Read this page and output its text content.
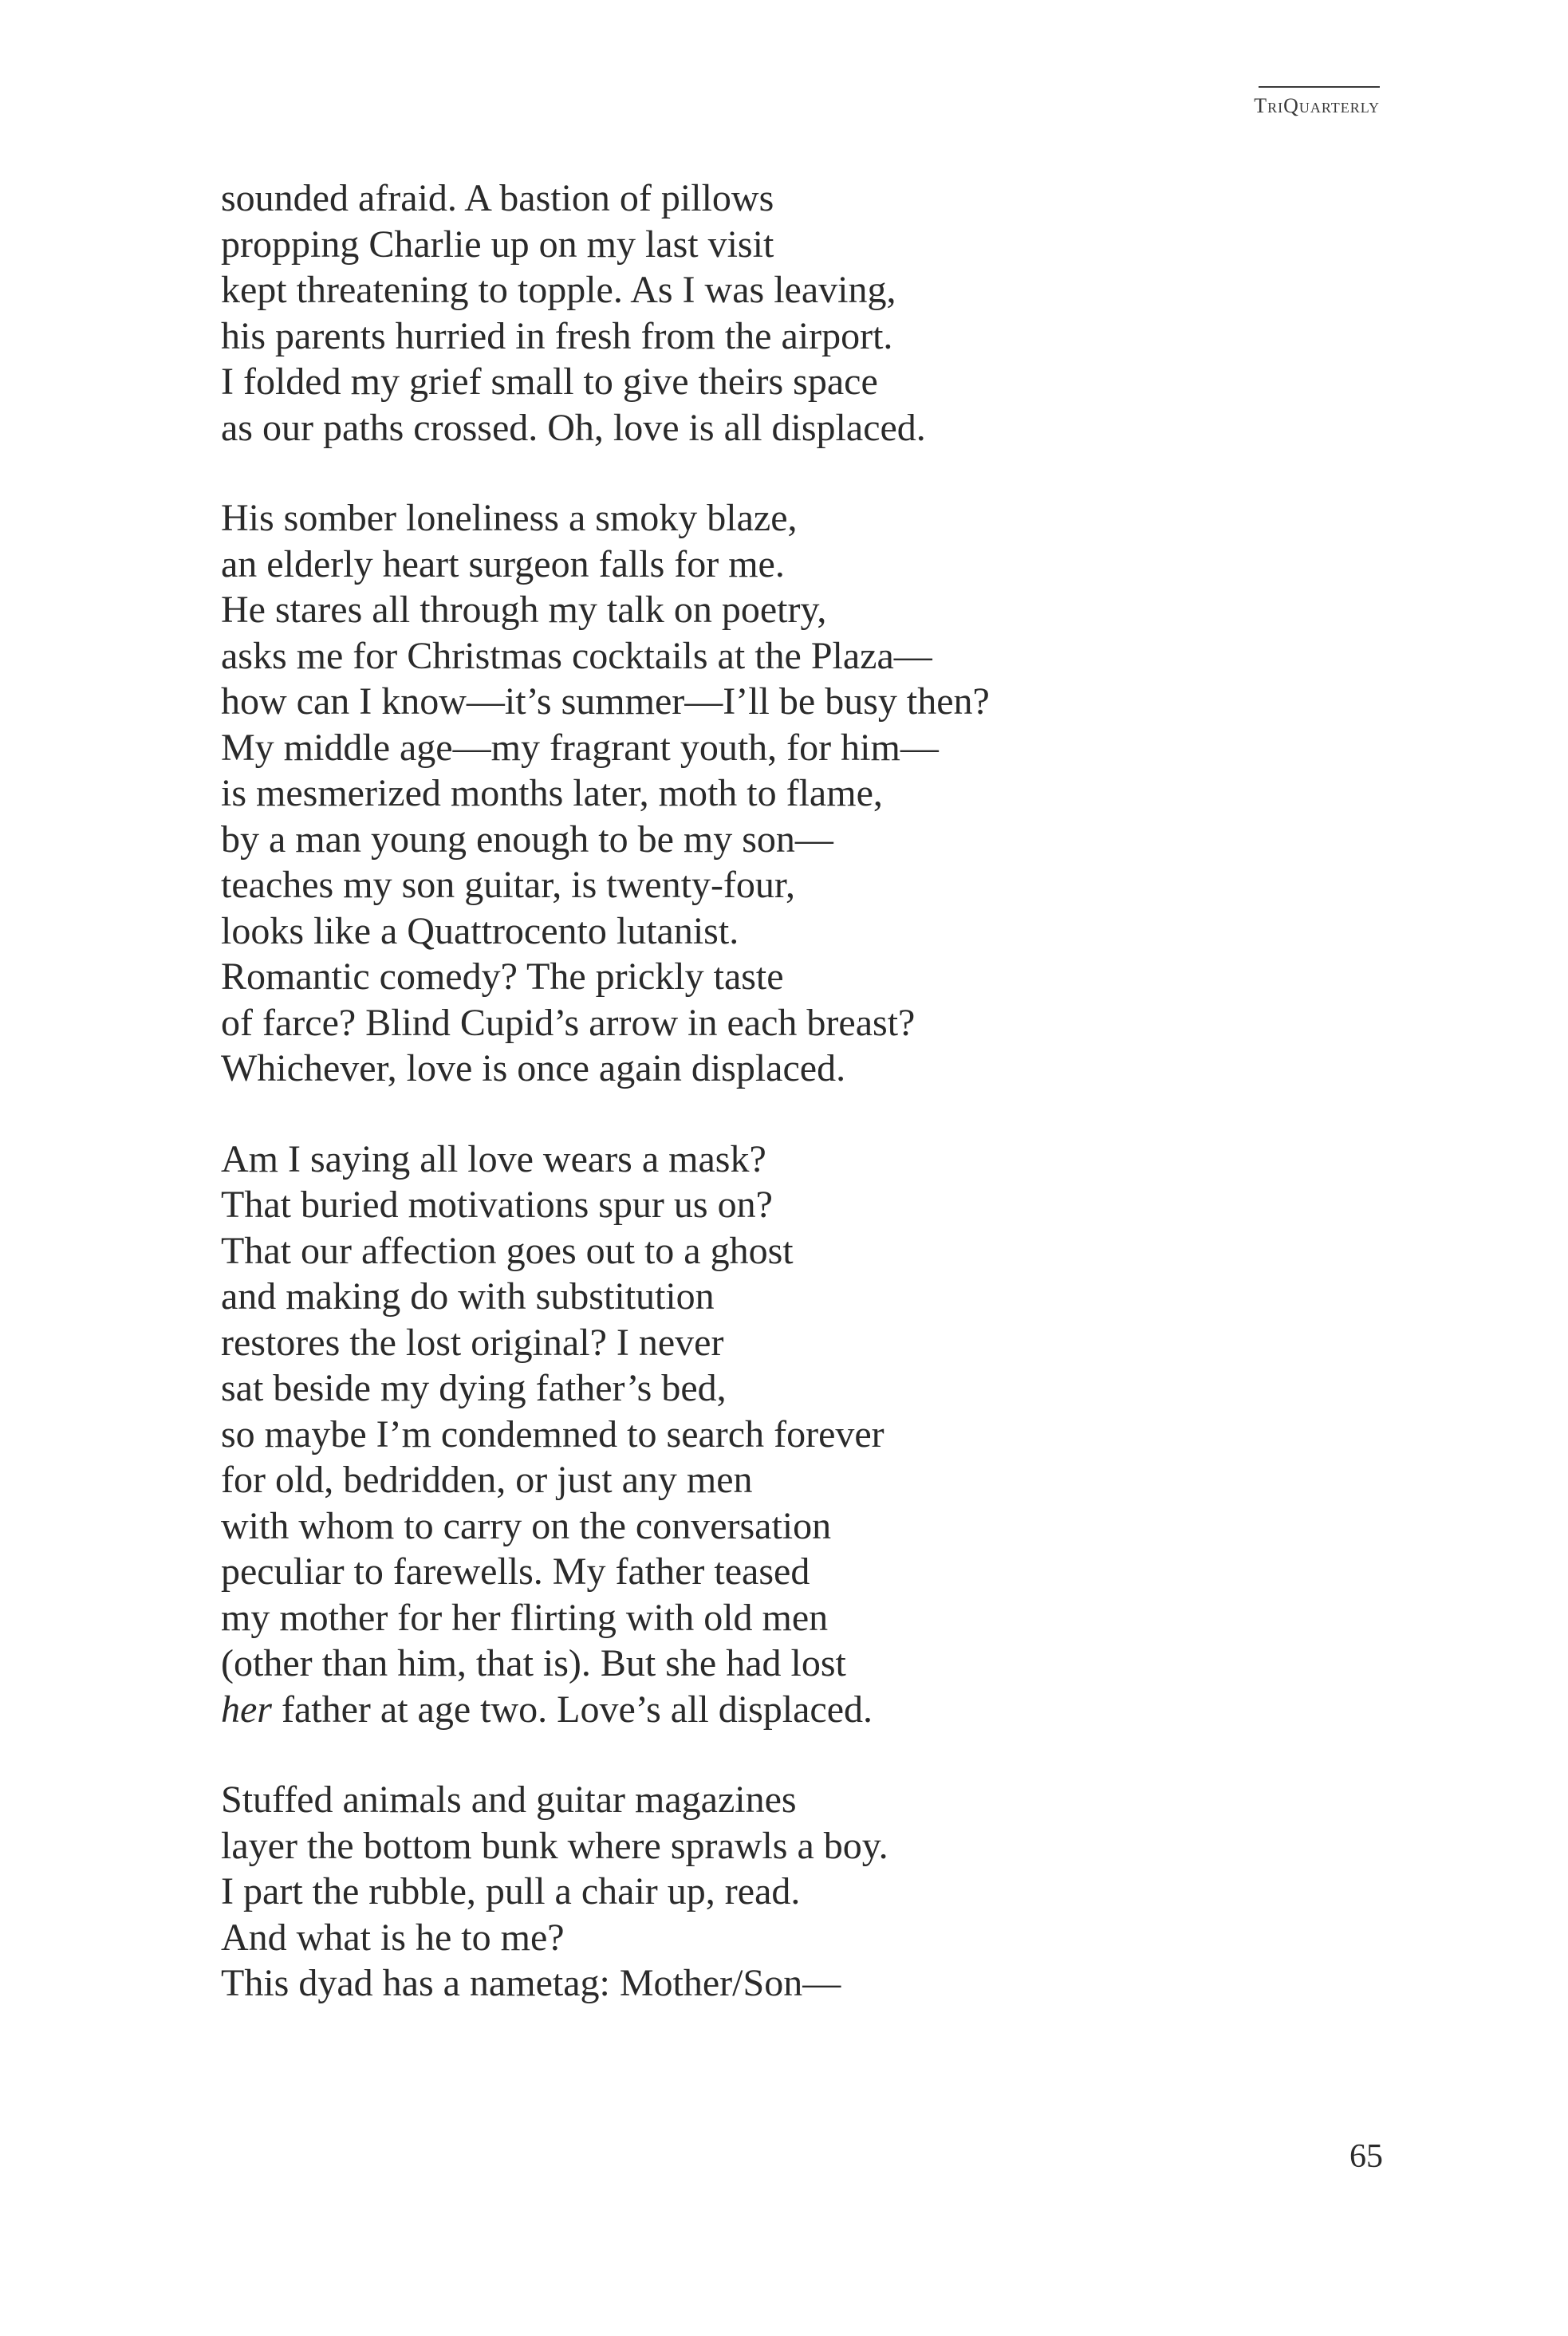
TriQuarterly
sounded afraid. A bastion of pillows
propping Charlie up on my last visit
kept threatening to topple. As I was leaving,
his parents hurried in fresh from the airport.
I folded my grief small to give theirs space
as our paths crossed. Oh, love is all displaced.
His somber loneliness a smoky blaze,
an elderly heart surgeon falls for me.
He stares all through my talk on poetry,
asks me for Christmas cocktails at the Plaza—
how can I know—it’s summer—I’ll be busy then?
My middle age—my fragrant youth, for him—
is mesmerized months later, moth to flame,
by a man young enough to be my son—
teaches my son guitar, is twenty-four,
looks like a Quattrocento lutanist.
Romantic comedy? The prickly taste
of farce? Blind Cupid’s arrow in each breast?
Whichever, love is once again displaced.
Am I saying all love wears a mask?
That buried motivations spur us on?
That our affection goes out to a ghost
and making do with substitution
restores the lost original? I never
sat beside my dying father’s bed,
so maybe I’m condemned to search forever
for old, bedridden, or just any men
with whom to carry on the conversation
peculiar to farewells. My father teased
my mother for her flirting with old men
(other than him, that is). But she had lost
her father at age two. Love’s all displaced.
Stuffed animals and guitar magazines
layer the bottom bunk where sprawls a boy.
I part the rubble, pull a chair up, read.
And what is he to me?
This dyad has a nametag: Mother/Son—
65
